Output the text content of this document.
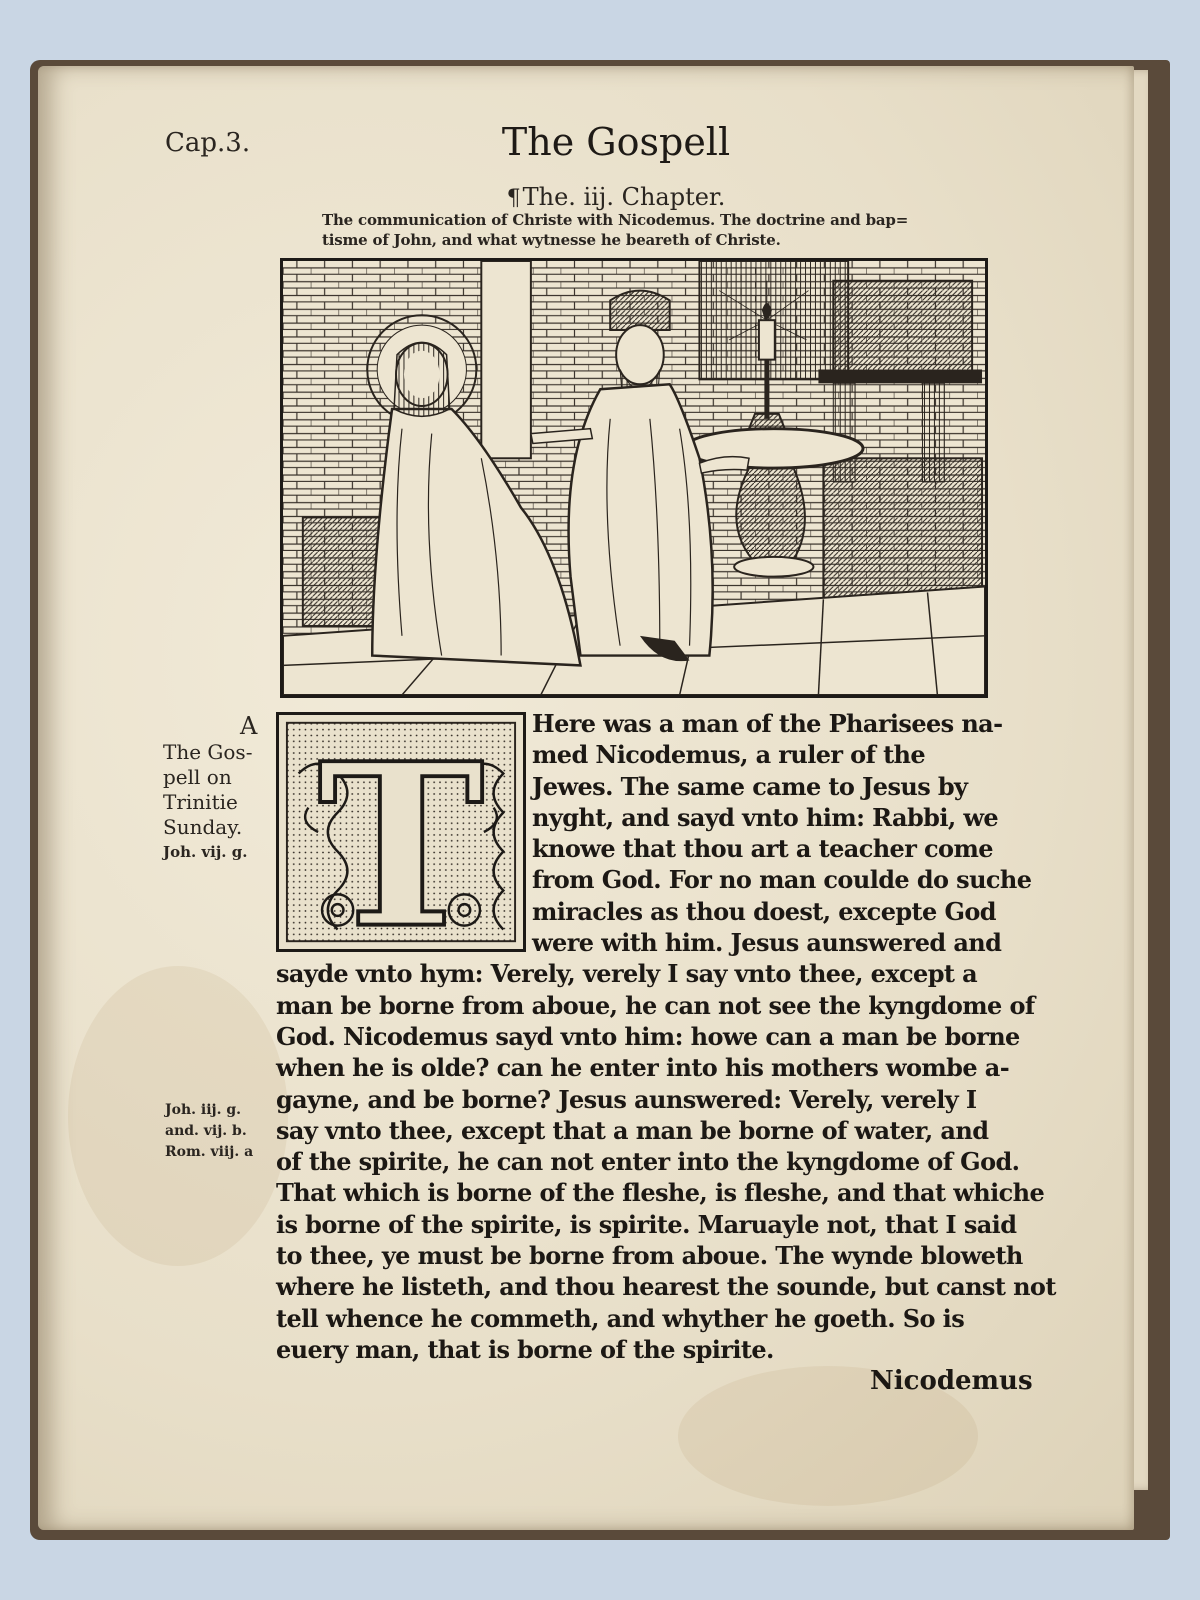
Cap.3.	The Gospell
¶The. iij. Chapter.
The communication of Christe with Nicodemus. The doctrine and bap=
tisme of John, and what wytnesse he beareth of Christe.
A
The Gos-
pell on
Trinitie
Sunday.
Joh. vij. g.
Joh. iij. g.
and. vij. b.
Rom. viij. a
T	Here was a man of the Pharisees na-
med Nicodemus, a ruler of the
Jewes. The same came to Jesus by
nyght, and sayd vnto him: Rabbi, we
knowe that thou art a teacher come
from God. For no man coulde do suche
miracles as thou doest, excepte God
were with him. Jesus aunswered and
sayde vnto hym: Verely, verely I say vnto thee, except a
man be borne from aboue, he can not see the kyngdome of
God. Nicodemus sayd vnto him: howe can a man be borne
when he is olde? can he enter into his mothers wombe a-
gayne, and be borne? Jesus aunswered: Verely, verely I
say vnto thee, except that a man be borne of water, and
of the spirite, he can not enter into the kyngdome of God.
That which is borne of the fleshe, is fleshe, and that whiche
is borne of the spirite, is spirite. Maruayle not, that I said
to thee, ye must be borne from aboue. The wynde bloweth
where he listeth, and thou hearest the sounde, but canst not
tell whence he commeth, and whyther he goeth. So is
euery man, that is borne of the spirite.
Nicodemus
